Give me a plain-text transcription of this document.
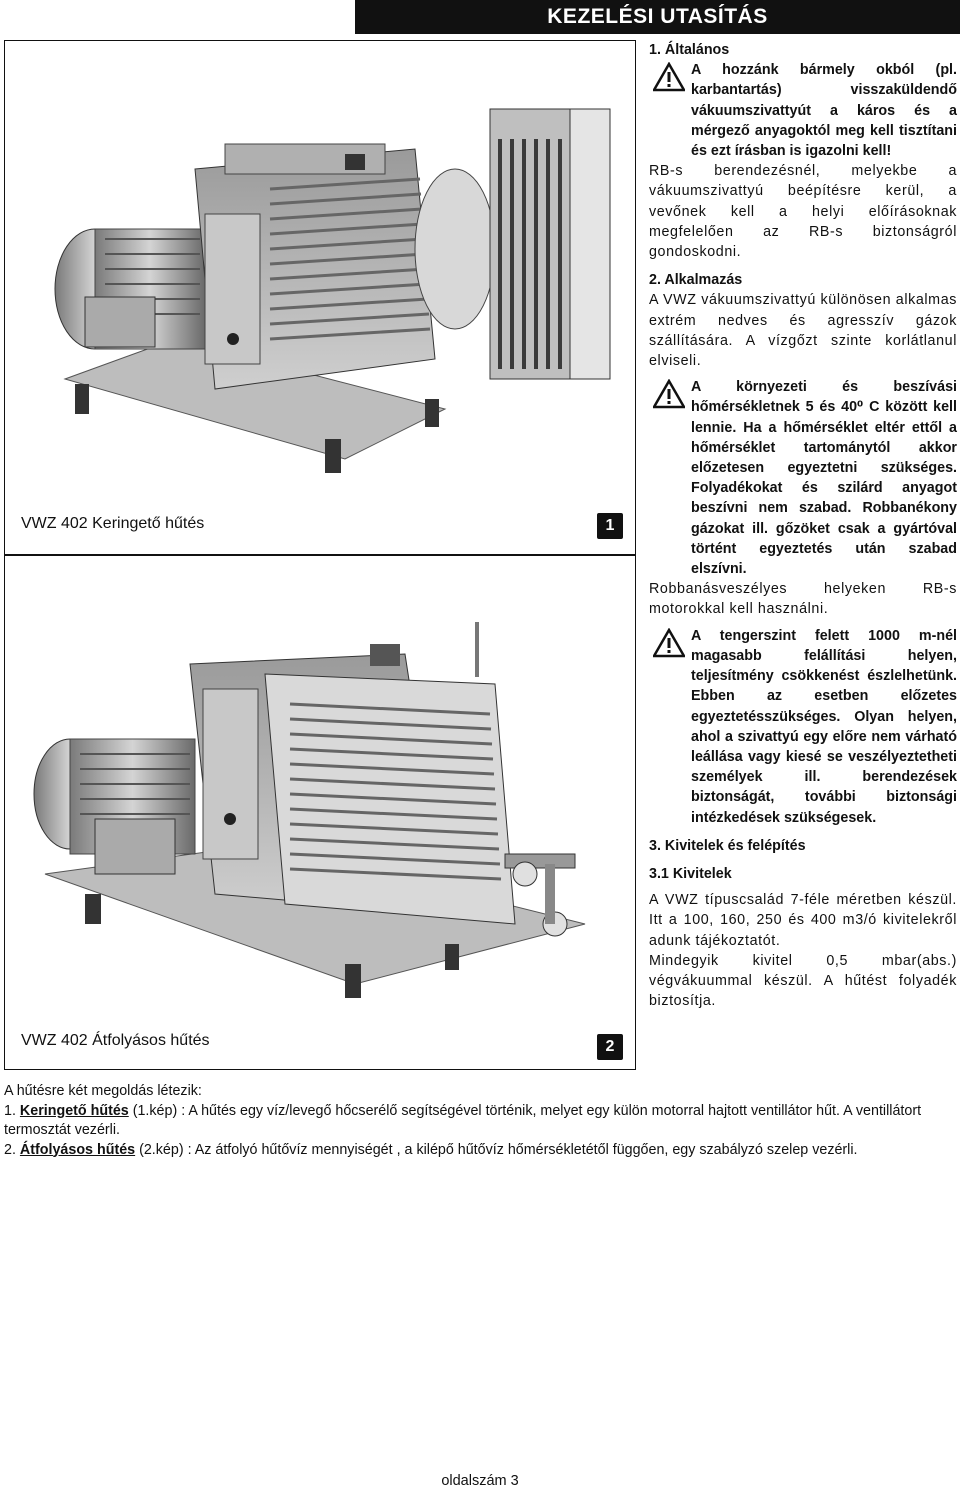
KEZELÉSI UTASÍTÁS
VWZ 402 Keringető hűtés	1
VWZ 402 Átfolyásos hűtés	2

1. Általános

A hozzánk bármely okból (pl. karbantartás) visszaküldendő vákuumszivattyút a káros és a mérgező anyagoktól meg kell tisztítani és ezt írásban is igazolni kell!

RB-s berendezésnél, melyekbe a vákuumszivattyú beépítésre kerül, a vevőnek kell a helyi előírásoknak megfelelően az RB-s biztonságról gondoskodni.

2. Alkalmazás

A VWZ vákuumszivattyú különösen alkalmas extrém nedves és agresszív gázok szállítására. A vízgőzt szinte korlátlanul elviseli.

A környezeti és beszívási hőmérsékletnek 5 és 40⁰ C között kell lennie. Ha a hőmérséklet eltér ettől a hőmérséklet tartománytól akkor előzetesen egyeztetni szükséges. Folyadékokat és szilárd anyagot beszívni nem szabad. Robbanékony gázokat ill. gőzöket csak a gyártóval történt egyeztetés után szabad elszívni.

Robbanásveszélyes helyeken RB-s motorokkal kell használni.

A tengerszint felett 1000 m-nél magasabb felállítási helyen, teljesítmény csökkenést észlelhetünk. Ebben az esetben előzetes egyeztetésszükséges. Olyan helyen, ahol a szivattyú egy előre nem várható leállása vagy kiesé se veszélyeztetheti személyek ill. berendezések biztonságát, további biztonsági intézkedések szükségesek.

3. Kivitelek és felépítés

3.1 Kivitelek

A VWZ típuscsalád 7-féle méretben készül. Itt a 100, 160, 250 és 400 m3/ó kivitelekről adunk tájékoztatót.

Mindegyik kivitel 0,5 mbar(abs.) végvákuummal készül. A hűtést folyadék biztosítja.

A hűtésre két megoldás létezik:

1. Keringető hűtés (1.kép) : A hűtés egy víz/levegő hőcserélő segítségével történik, melyet egy külön motorral hajtott ventillátor hűt. A ventillátort termosztát vezérli.

2. Átfolyásos hűtés (2.kép) : Az átfolyó hűtővíz mennyiségét , a kilépő hűtővíz hőmérsékletétől függően, egy szabályzó szelep vezérli.

oldalszám 3
